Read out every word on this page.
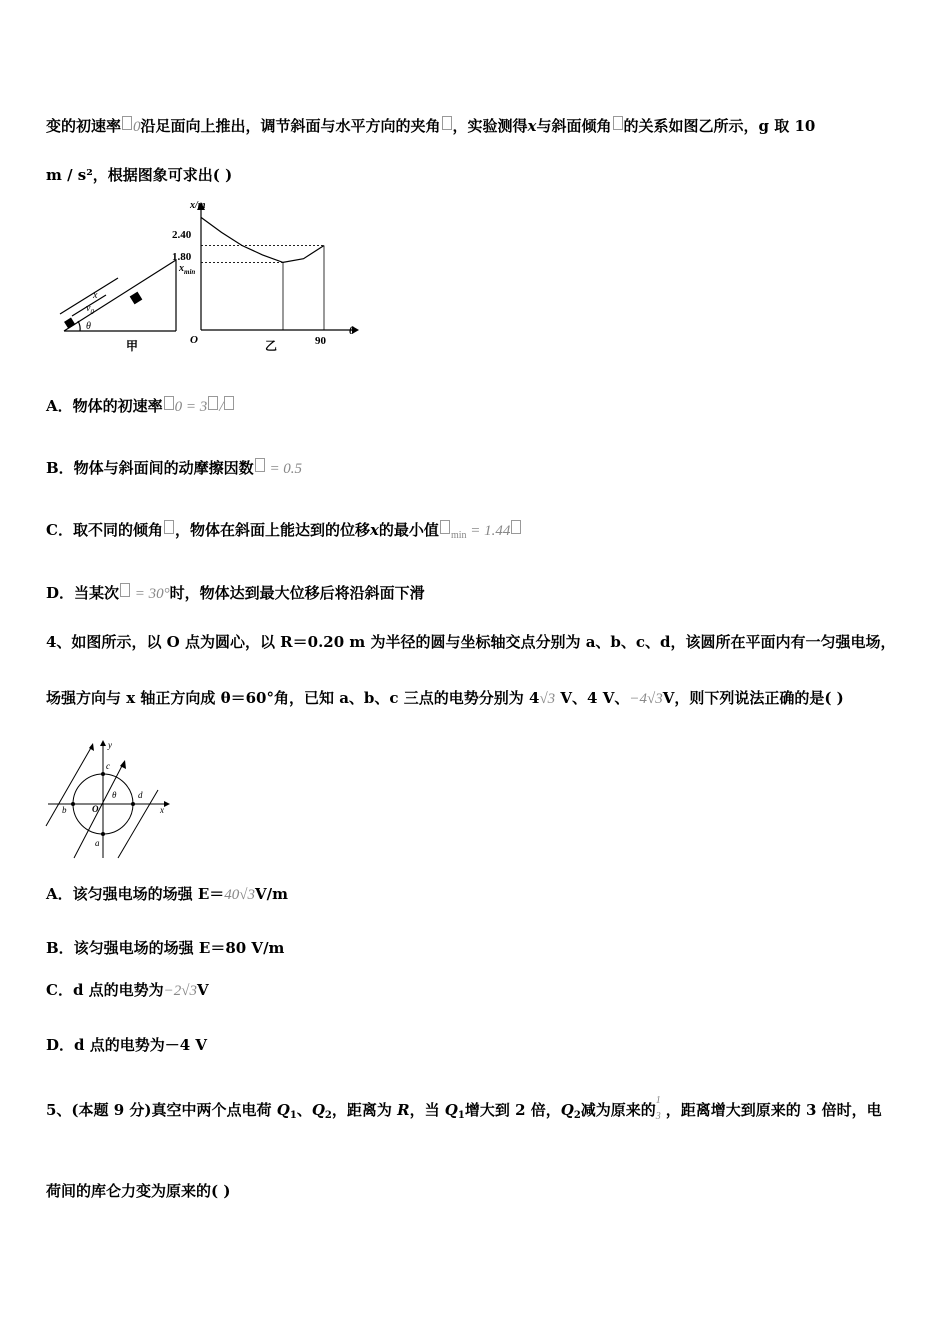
变的初速率 0沿足面向上推出，调节斜面与水平方向的夹角 ，实验测得x与斜面倾角 的关系如图乙所示，g 取 10
m / s²，根据图象可求出( )
x
$v_0$
θ
甲
x/m
θ
O
2.40
1.80
$x_{min}$
90
乙
A．物体的初速率 0 = 3 /
B．物体与斜面间的动摩擦因数 = 0.5
C．取不同的倾角 ，物体在斜面上能达到的位移x的最小值 $_{min}$ = 1.44
D．当某次 = 30°时，物体达到最大位移后将沿斜面下滑
4、如图所示，以 O 点为圆心，以 R＝0.20 m 为半径的圆与坐标轴交点分别为 a、b、c、d，该圆所在平面内有一匀强电场，
场强方向与 x 轴正方向成 θ＝60°角，已知 a、b、c 三点的电势分别为 4√3 V、4 V、−4√3V，则下列说法正确的是( )
y
x
c
d
b
a
O
θ
A．该匀强电场的场强 E＝40√3V/m
B．该匀强电场的场强 E＝80 V/m
C．d 点的电势为−2√3V
D．d 点的电势为－4 V
5、(本题 9 分)真空中两个点电荷 $Q_1$、$Q_2$，距离为 R，当 $Q_1$增大到 2 倍，$Q_2$减为原来的
1
3 ，距离增大到原来的 3 倍时，电
荷间的库仑力变为原来的( )
